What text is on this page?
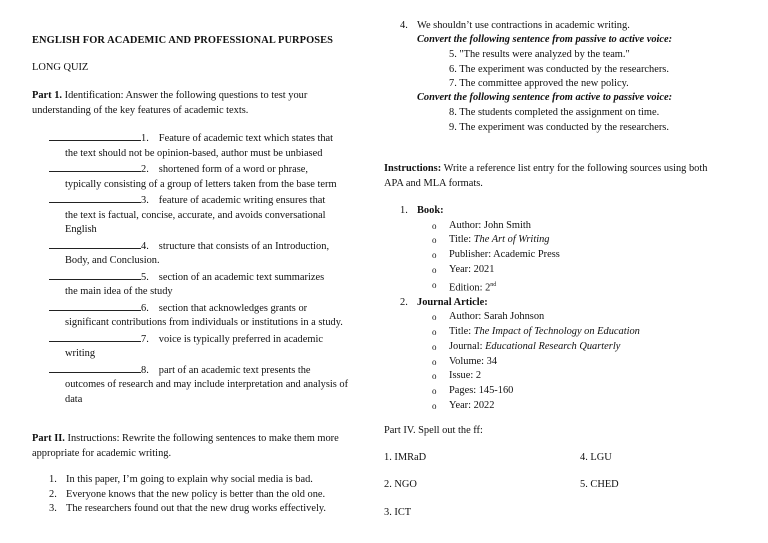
ENGLISH FOR ACADEMIC AND PROFESSIONAL PURPOSES
LONG QUIZ
Part 1. Identification: Answer the following questions to test your understanding of the key features of academic texts.
1. Feature of academic text which states that
the text should not be opinion-based, author must be unbiased
2. shortened form of a word or phrase,
typically consisting of a group of letters taken from the base term
3. feature of academic writing ensures that
the text is factual, concise, accurate, and avoids conversational English
4. structure that consists of an Introduction,
Body, and Conclusion.
5. section of an academic text summarizes
the main idea of the study
6. section that acknowledges grants or
significant contributions from individuals or institutions in a study.
7. voice is typically preferred in academic
writing
8. part of an academic text presents the
outcomes of research and may include interpretation and analysis of data
Part II. Instructions: Rewrite the following sentences to make them more appropriate for academic writing.
1. In this paper, I’m going to explain why social media is bad.
2. Everyone knows that the new policy is better than the old one.
3. The researchers found out that the new drug works effectively.
4. We shouldn’t use contractions in academic writing.
Convert the following sentence from passive to active voice:
5. "The results were analyzed by the team."
6. The experiment was conducted by the researchers.
7. The committee approved the new policy.
Convert the following sentence from active to passive voice:
8. The students completed the assignment on time.
9. The experiment was conducted by the researchers.
Instructions: Write a reference list entry for the following sources using both APA and MLA formats.
1. Book:
o Author: John Smith
o Title: The Art of Writing
o Publisher: Academic Press
o Year: 2021
o Edition: 2nd
2. Journal Article:
o Author: Sarah Johnson
o Title: The Impact of Technology on Education
o Journal: Educational Research Quarterly
o Volume: 34
o Issue: 2
o Pages: 145-160
o Year: 2022
Part IV. Spell out the ff:
1. IMRaD
2. NGO
3. ICT
4. LGU
5. CHED
